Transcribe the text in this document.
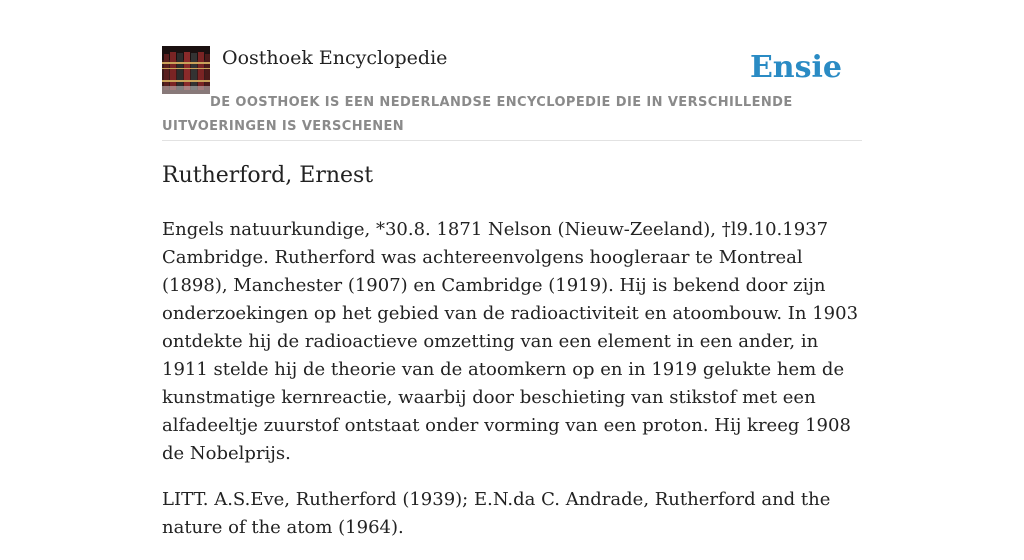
Oosthoek Encyclopedie	Ensie
DE OOSTHOEK IS EEN NEDERLANDSE ENCYCLOPEDIE DIE IN VERSCHILLENDE UITVOERINGEN IS VERSCHENEN
Rutherford, Ernest

Engels natuurkundige, *30.8. 1871 Nelson (Nieuw-Zeeland), †l9.10.1937 Cambridge. Rutherford was achtereenvolgens hoogleraar te Montreal (1898), Manchester (1907) en Cambridge (1919). Hij is bekend door zijn onderzoekingen op het gebied van de radioactiviteit en atoombouw. In 1903 ontdekte hij de radioactieve omzetting van een element in een ander, in 1911 stelde hij de theorie van de atoomkern op en in 1919 gelukte hem de kunstmatige kernreactie, waarbij door beschieting van stikstof met een alfadeeltje zuurstof ontstaat onder vorming van een proton. Hij kreeg 1908 de Nobelprijs.

LITT. A.S.Eve, Rutherford (1939); E.N.da C. Andrade, Rutherford and the nature of the atom (1964).
